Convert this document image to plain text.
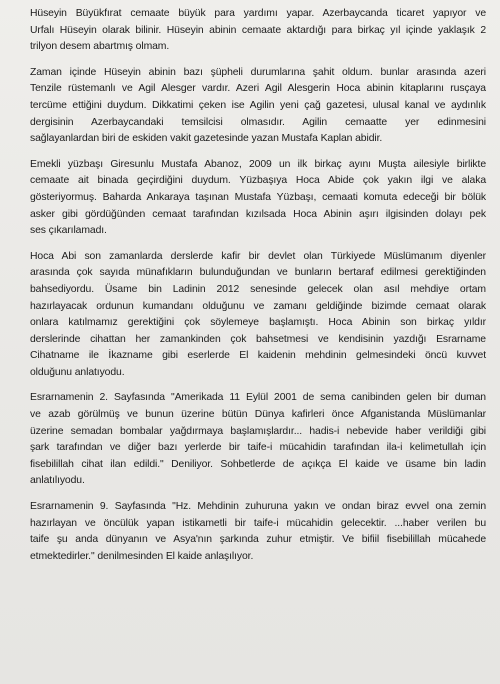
Hüseyin Büyükfırat cemaate büyük para yardımı yapar. Azerbaycanda ticaret yapıyor ve
Urfalı Hüseyin olarak bilinir. Hüseyin abinin cemaate aktardığı para birkaç yıl içinde yaklaşık 2
trilyon desem abartmış olmam.
Zaman içinde Hüseyin abinin bazı şüpheli durumlarına şahit oldum. bunlar arasında azeri
Tenzile rüstemanlı ve Agil Alesger vardır. Azeri Agil Alesgerin Hoca abinin kitaplarını rusçaya
tercüme ettiğini duydum. Dikkatimi çeken ise Agilin yeni çağ gazetesi, ulusal kanal ve aydınlık
dergisinin Azerbaycandaki temsilcisi olmasıdır. Agilin cemaatte yer edinmesini
sağlayanlardan biri de eskiden vakit gazetesinde yazan Mustafa Kaplan abidir.
Emekli yüzbaşı Giresunlu Mustafa Abanoz, 2009 un ilk birkaç ayını Muşta ailesiyle birlikte
cemaate ait binada geçirdiğini duydum. Yüzbaşıya Hoca Abide çok yakın ilgi ve alaka
gösteriyormuş. Baharda Ankaraya taşınan Mustafa Yüzbaşı, cemaati komuta edeceği bir bölük
asker gibi gördüğünden cemaat tarafından kızılsada Hoca Abinin aşırı ilgisinden dolayı pek
ses çıkarılamadı.
Hoca Abi son zamanlarda derslerde kafir bir devlet olan Türkiyede Müslümanım diyenler
arasında çok sayıda münafıkların bulunduğundan ve bunların bertaraf edilmesi gerektiğinden
bahsediyordu. Üsame bin Ladinin 2012 senesinde gelecek olan asıl mehdiye ortam
hazırlayacak ordunun kumandanı olduğunu ve zamanı geldiğinde bizimde cemaat olarak
onlara katılmamız gerektiğini çok söylemeye başlamıştı. Hoca Abinin son birkaç yıldır
derslerinde cihattan her zamankinden çok bahsetmesi ve kendisinin yazdığı Esrarname
Cihatname ile İkazname gibi eserlerde El kaidenin mehdinin gelmesindeki öncü kuvvet
olduğunu anlatıyodu.
Esrarnamenin 2. Sayfasında "Amerikada 11 Eylül 2001 de sema canibinden gelen bir duman
ve azab görülmüş ve bunun üzerine bütün Dünya kafirleri önce Afganistanda Müslümanlar
üzerine semadan bombalar yağdırmaya başlamışlardır... hadis-i nebevide haber verildiği gibi
şark tarafından ve diğer bazı yerlerde bir taife-i mücahidin tarafından ila-i kelimetullah için
fisebilillah cihat ilan edildi." Deniliyor. Sohbetlerde de açıkça El kaide ve üsame bin ladin
anlatılıyodu.
Esrarnamenin 9. Sayfasında "Hz. Mehdinin zuhuruna yakın ve ondan biraz evvel ona zemin
hazırlayan ve öncülük yapan istikametli bir taife-i mücahidin gelecektir. ...haber verilen bu
taife şu anda dünyanın ve Asya'nın şarkında zuhur etmiştir. Ve bifiil fisebilillah mücahede
etmektedirler." denilmesinden El kaide anlaşılıyor.
